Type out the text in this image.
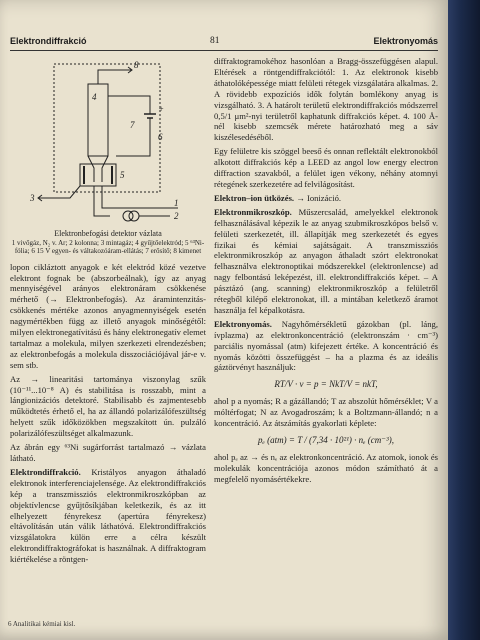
Elektrondiffrakció	81	Elektronyomás
8
4
7
+
6
5
3	1
2
Elektronbefogási detektor vázlata
1 vivőgáz, N₂ v. Ar; 2 kolonna; 3 mintagáz; 4 gyűjtőelektród; 5 ⁶³Ni-fólia; 6 15 V egyen- és váltakozóáram-ellátás; 7 erősítő; 8 kimenet

lopon cikláztott anyagok e két elektród közé vezetve elektront fognak be (abszorbeálnak), így az anyag mennyiségével arányos elektronáram csökkenése mérhető (→ Elektronbefogás). Az áramintenzitás-csökkenés mértéke azonos anyagmennyiségek esetén nagymértékben függ az illető anyagok minőségétől: milyen elektronegatívitású és hány elektronegatív elemet tartalmaz a molekula, milyen szerkezeti elrendezésben; az elektronbefogás a molekula disszociációjával jár-e v. sem stb.

Az → linearitási tartománya viszonylag szűk (10⁻¹¹...10⁻⁸ A) és stabilitása is rosszabb, mint a lángionizációs detektoré. Stabilisabb és zajmentesebb működtetés érhető el, ha az állandó polarizálófeszültség helyett szűk időközökben megszakított ún. pulzáló polarizálófeszültséget alkalmazunk.

Az ábrán egy ⁶³Ni sugárforrást tartalmazó → vázlata látható.

Elektrondiffrakció. Kristályos anyagon áthaladó elektronok interferenciajelensége. Az elektrondiffrakciós kép a transzmissziós elektronmikroszkópban az objektívlencse gyűjtősíkjában keletkezik, és az itt elhelyezett fényrekesz (apertúra fényrekesz) eltávolításán után válik láthatóvá. Elektrondiffrakciós vizsgálatokra külön erre a célra készült elektrondiffraktográfokat is használnak. A diffraktogram kiértékelése a röntgen-

diffraktogramokéhoz hasonlóan a Bragg-összefüggésen alapul. Eltérések a röntgendiffrakciótól: 1. Az elektronok kisebb áthatolóképessége miatt felületi rétegek vizsgálatára alkalmas. 2. A rövidebb expozíciós idők folytán bomlékony anyag is vizsgálható. 3. A határolt területű elektrondiffrakciós módszerrel 0,5/1 μm²-nyi területről kaphatunk diffrakciós képet. 4. 100 Å-nél kisebb szemcsék mérete határozható meg a sáv kiszélesedéséből.

Egy felületre kis szöggel beeső és onnan reflektált elektronokból alkotott diffrakciós kép a LEED az angol low energy electron diffraction szavakból, a felület igen vékony, néhány atomnyi rétegének szerkezetére ad felvilágosítást.

Elektron–ion ütközés. → Ionizáció.

Elektronmikroszkóp. Műszercsalád, amelyekkel elektronok felhasználásával képezik le az anyag szubmikroszkópos belső v. felületi szerkezetét, ill. állapítják meg szerkezetét és egyes fizikai és kémiai sajátságait. A transzmissziós elektronmikroszkóp az anyagon áthaladt szórt elektronokat felhasználva elektronoptikai módszerekkel (elektronlencse) ad nagy felbontású leképezést, ill. elektrondiffrakciós képet. – A pásztázó (ang. scanning) elektronmikroszkóp a felületről rétegből kilépő elektronokat, ill. a mintában keletkező áramot használja fel képalkotásra.

Elektronyomás. Nagyhőmérsékletű gázokban (pl. láng, ívplazma) az elektronkoncentráció (elektronszám · cm⁻³) parciális nyomással (atm) kifejezett értéke. A koncentráció és nyomás közötti összefüggést – ha a plazma és az ideális gáztörvényt használjuk:

RT/V · ν = p = NkT/V = nkT,

ahol p a nyomás; R a gázállandó; T az abszolút hőmérséklet; V a móltérfogat; N az Avogadroszám; k a Boltzmann-állandó; n a koncentráció. Az átszámítás gyakorlati képlete:

pₑ (atm) = T / (7,34 · 10²¹) · nₑ (cm⁻³),

ahol pₑ az → és nₑ az elektronkoncentráció. Az atomok, ionok és molekulák koncentrációja azonos módon számítható át a megfelelő nyomásértékekre.

6 Analitikai kémiai kisl.
